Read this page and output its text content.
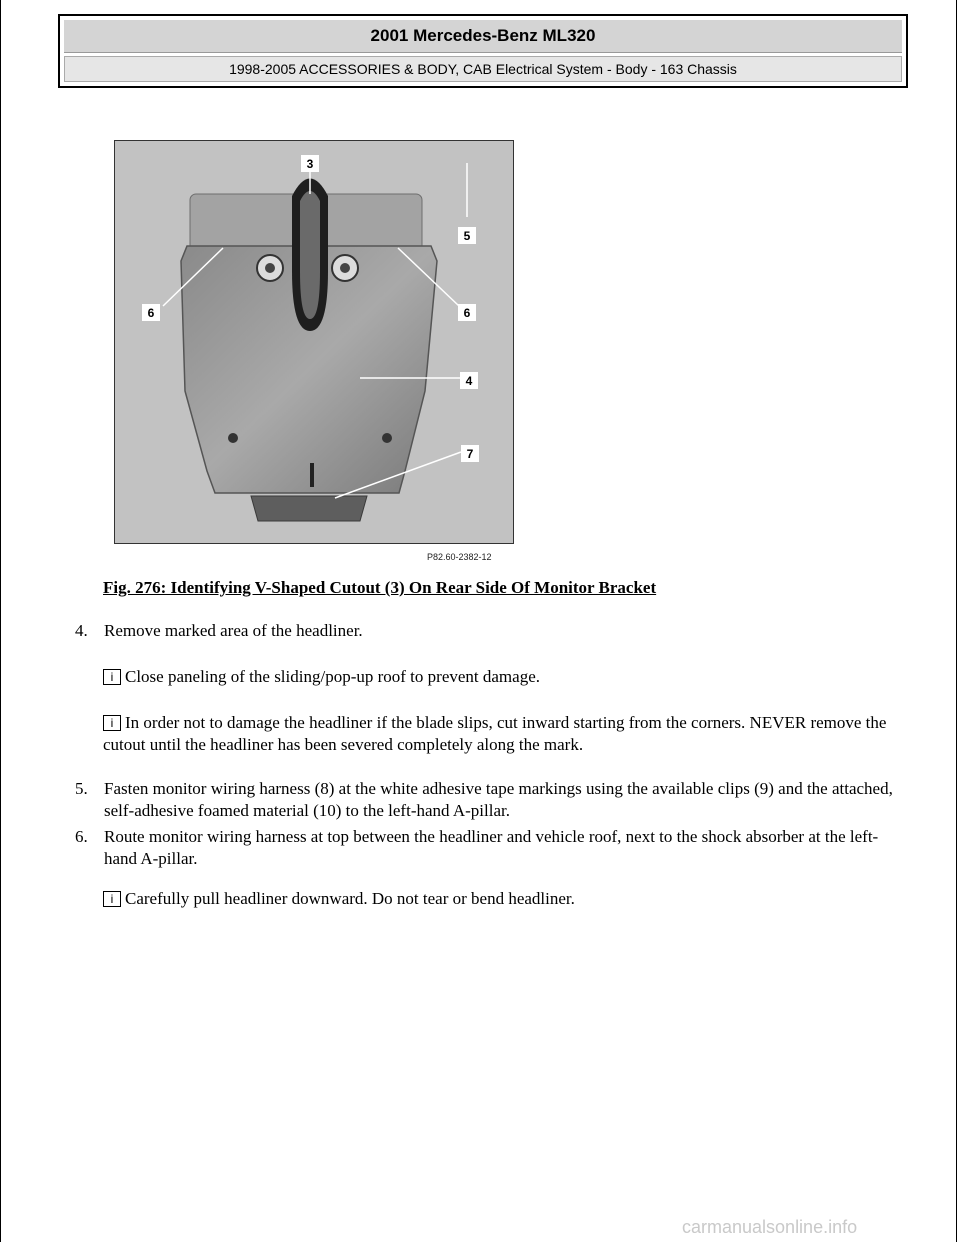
2001 Mercedes-Benz ML320
1998-2005 ACCESSORIES & BODY, CAB Electrical System - Body - 163 Chassis
3
5
6	6
4
7
P82.60-2382-12
Fig. 276: Identifying V-Shaped Cutout (3) On Rear Side Of Monitor Bracket
4. Remove marked area of the headliner.
i Close paneling of the sliding/pop-up roof to prevent damage.
i In order not to damage the headliner if the blade slips, cut inward starting from the corners. NEVER remove the cutout until the headliner has been severed completely along the mark.
5. Fasten monitor wiring harness (8) at the white adhesive tape markings using the available clips (9) and the attached, self-adhesive foamed material (10) to the left-hand A-pillar.
6. Route monitor wiring harness at top between the headliner and vehicle roof, next to the shock absorber at the left-hand A-pillar.
i Carefully pull headliner downward. Do not tear or bend headliner.
carmanualsonline.info
